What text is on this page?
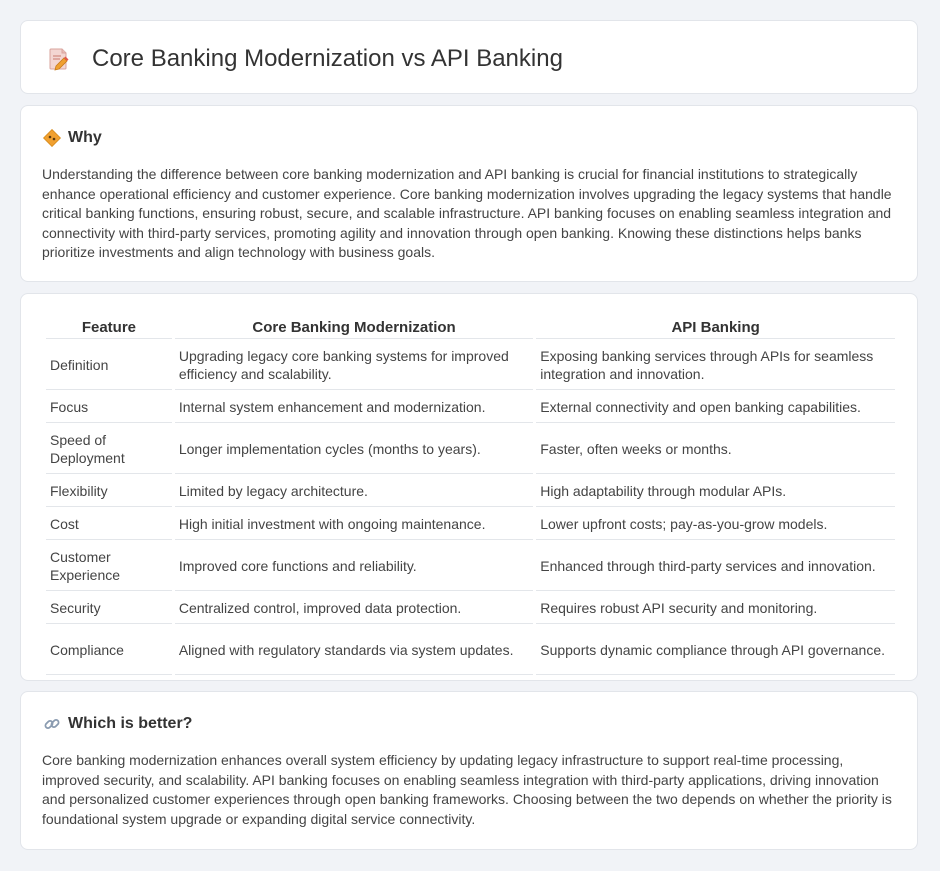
Core Banking Modernization vs API Banking
Why

Understanding the difference between core banking modernization and API banking is crucial for financial institutions to strategically enhance operational efficiency and customer experience. Core banking modernization involves upgrading the legacy systems that handle critical banking functions, ensuring robust, secure, and scalable infrastructure. API banking focuses on enabling seamless integration and connectivity with third-party services, promoting agility and innovation through open banking. Knowing these distinctions helps banks prioritize investments and align technology with business goals.

Feature	Core Banking Modernization	API Banking
Definition	Upgrading legacy core banking systems for improved efficiency and scalability.	Exposing banking services through APIs for seamless integration and innovation.
Focus	Internal system enhancement and modernization.	External connectivity and open banking capabilities.
Speed of Deployment	Longer implementation cycles (months to years).	Faster, often weeks or months.
Flexibility	Limited by legacy architecture.	High adaptability through modular APIs.
Cost	High initial investment with ongoing maintenance.	Lower upfront costs; pay-as-you-grow models.
Customer Experience	Improved core functions and reliability.	Enhanced through third-party services and innovation.
Security	Centralized control, improved data protection.	Requires robust API security and monitoring.
Compliance	Aligned with regulatory standards via system updates.	Supports dynamic compliance through API governance.
Which is better?

Core banking modernization enhances overall system efficiency by updating legacy infrastructure to support real-time processing, improved security, and scalability. API banking focuses on enabling seamless integration with third-party applications, driving innovation and personalized customer experiences through open banking frameworks. Choosing between the two depends on whether the priority is foundational system upgrade or expanding digital service connectivity.
